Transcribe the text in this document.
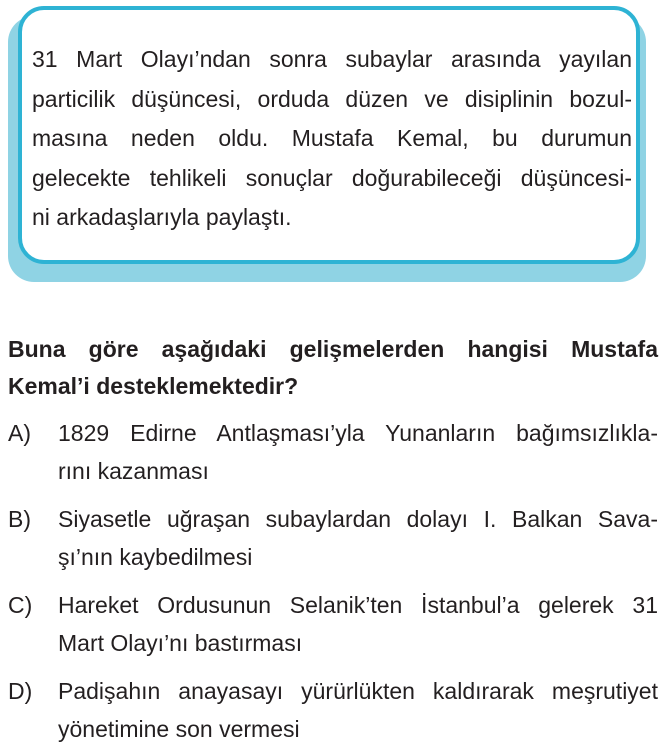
31 Mart Olayı’ndan sonra subaylar arasında yayılan
particilik düşüncesi, orduda düzen ve disiplinin bozul-
masına neden oldu. Mustafa Kemal, bu durumun
gelecekte tehlikeli sonuçlar doğurabileceği düşüncesi-
ni arkadaşlarıyla paylaştı.

Buna göre aşağıdaki gelişmelerden hangisi Mustafa
Kemal’i desteklemektedir?

A) 1829 Edirne Antlaşması’yla Yunanların bağımsızlıkla-
rını kazanması
B) Siyasetle uğraşan subaylardan dolayı I. Balkan Sava-
şı’nın kaybedilmesi
C) Hareket Ordusunun Selanik’ten İstanbul’a gelerek 31
Mart Olayı’nı bastırması
D) Padişahın anayasayı yürürlükten kaldırarak meşrutiyet
yönetimine son vermesi
